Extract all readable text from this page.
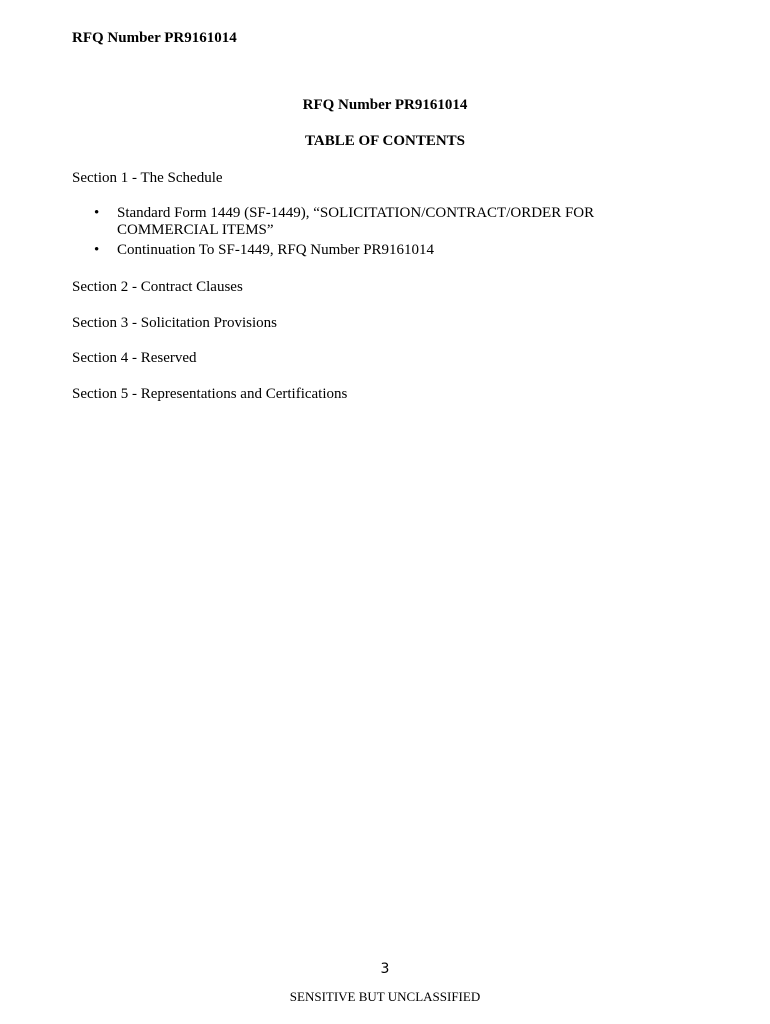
RFQ Number PR9161014
RFQ Number PR9161014
TABLE OF CONTENTS
Section 1 - The Schedule
• Standard Form 1449 (SF-1449), “SOLICITATION/CONTRACT/ORDER FOR COMMERCIAL ITEMS”
• Continuation To SF-1449, RFQ Number PR9161014
Section 2 - Contract Clauses
Section 3 - Solicitation Provisions
Section 4 - Reserved
Section 5 - Representations and Certifications
3
SENSITIVE BUT UNCLASSIFIED
